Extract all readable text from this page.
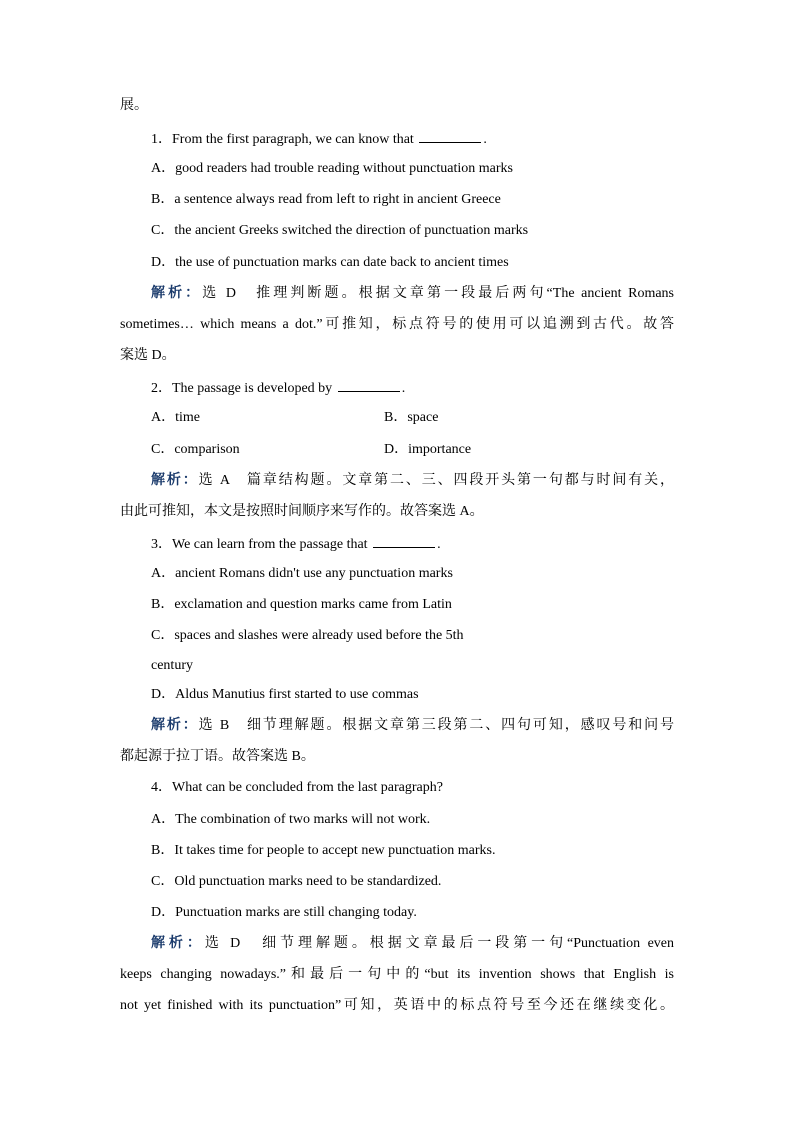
展。
1．From the first paragraph, we can know that	.
A．good readers had trouble reading without punctuation marks
B．a sentence always read from left to right in ancient Greece
C．the ancient Greeks switched the direction of punctuation marks
D．the use of punctuation marks can date back to ancient times
解析：选 D　推理判断题。根据文章第一段最后两句“The ancient Romans
sometimes… which means a dot.”可推知，标点符号的使用可以追溯到古代。故答
案选 D。
2．The passage is developed by	.
A．time	B．space
C．comparison	D．importance
解析：选 A　篇章结构题。文章第二、三、四段开头第一句都与时间有关，
由此可推知，本文是按照时间顺序来写作的。故答案选 A。
3．We can learn from the passage that	.
A．ancient Romans didn't use any punctuation marks
B．exclamation and question marks came from Latin
C．spaces and slashes were already used before the 5th
century
D．Aldus Manutius first started to use commas
解析：选 B　细节理解题。根据文章第三段第二、四句可知，感叹号和问号
都起源于拉丁语。故答案选 B。
4．What can be concluded from the last paragraph?
A．The combination of two marks will not work.
B．It takes time for people to accept new punctuation marks.
C．Old punctuation marks need to be standardized.
D．Punctuation marks are still changing today.
解析：选 D　细节理解题。根据文章最后一段第一句“Punctuation even
keeps changing nowadays.”和最后一句中的“but its invention shows that English is
not yet finished with its punctuation”可知，英语中的标点符号至今还在继续变化。
